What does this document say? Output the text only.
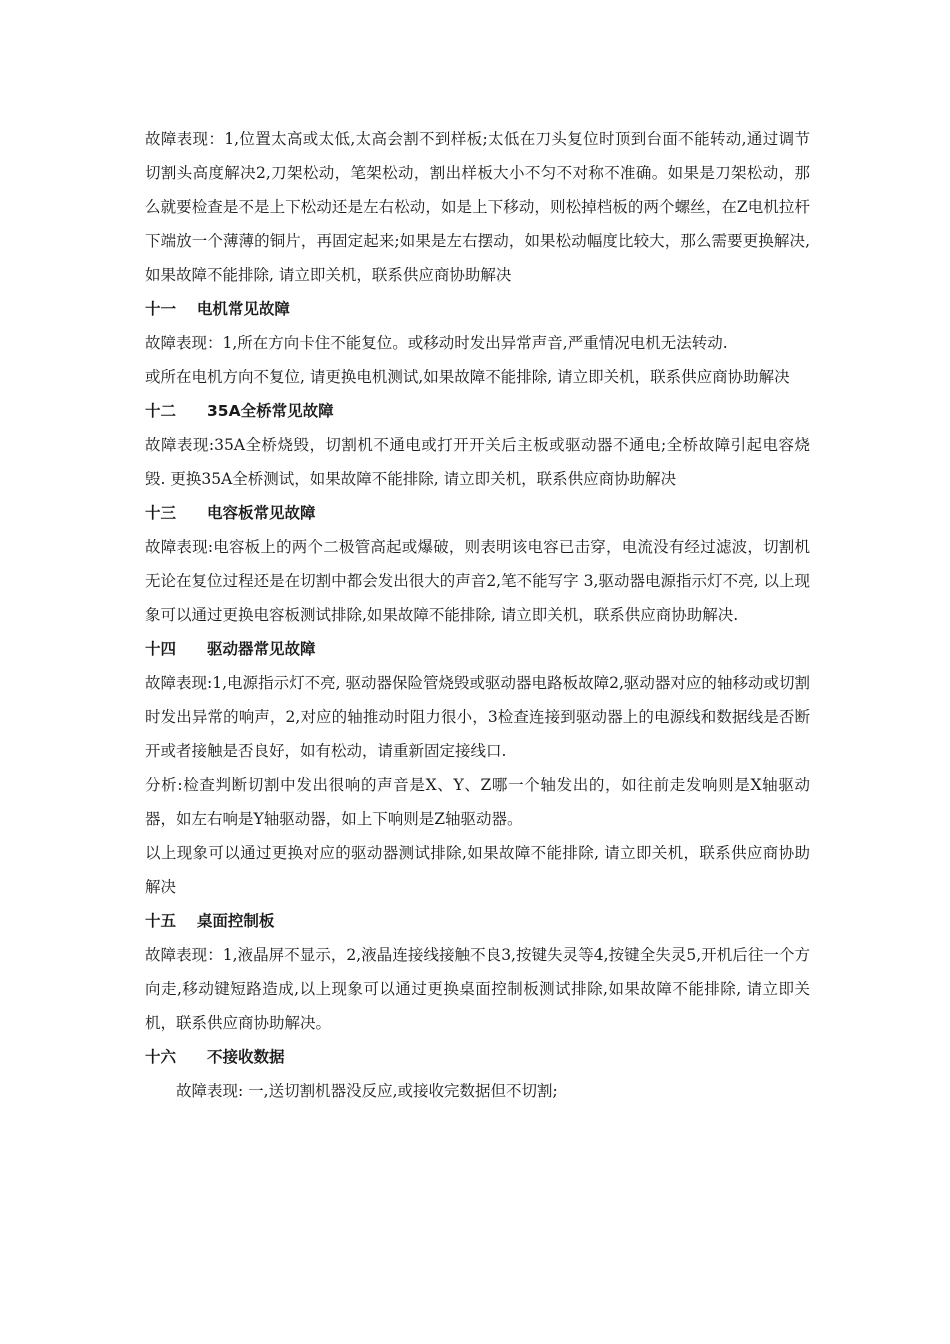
故障表现：1,位置太高或太低,太高会割不到样板;太低在刀头复位时顶到台面不能转动,通过调节切割头高度解决2,刀架松动，笔架松动，割出样板大小不匀不对称不准确。如果是刀架松动，那么就要检查是不是上下松动还是左右松动，如是上下移动，则松掉档板的两个螺丝，在Z电机拉杆下端放一个薄薄的铜片，再固定起来;如果是左右摆动，如果松动幅度比较大，那么需要更换解决,如果故障不能排除, 请立即关机，联系供应商协助解决

十一　 电机常见故障

故障表现：1,所在方向卡住不能复位。或移动时发出异常声音,严重情况电机无法转动.

或所在电机方向不复位, 请更换电机测试,如果故障不能排除, 请立即关机，联系供应商协助解决

十二　　35A全桥常见故障

故障表现:35A全桥烧毁，切割机不通电或打开开关后主板或驱动器不通电;全桥故障引起电容烧毁. 更换35A全桥测试，如果故障不能排除, 请立即关机，联系供应商协助解决

十三　　电容板常见故障

故障表现:电容板上的两个二极管高起或爆破，则表明该电容已击穿，电流没有经过滤波，切割机无论在复位过程还是在切割中都会发出很大的声音2,笔不能写字 3,驱动器电源指示灯不亮, 以上现象可以通过更换电容板测试排除,如果故障不能排除, 请立即关机，联系供应商协助解决.

十四　　驱动器常见故障

故障表现:1,电源指示灯不亮, 驱动器保险管烧毁或驱动器电路板故障2,驱动器对应的轴移动或切割时发出异常的响声，2,对应的轴推动时阻力很小，3检查连接到驱动器上的电源线和数据线是否断开或者接触是否良好，如有松动，请重新固定接线口.

分析:检查判断切割中发出很响的声音是X、Y、Z哪一个轴发出的，如往前走发响则是X轴驱动器，如左右响是Y轴驱动器，如上下响则是Z轴驱动器。

以上现象可以通过更换对应的驱动器测试排除,如果故障不能排除, 请立即关机，联系供应商协助解决

十五　 桌面控制板

故障表现：1,液晶屏不显示，2,液晶连接线接触不良3,按键失灵等4,按键全失灵5,开机后往一个方向走,移动键短路造成,以上现象可以通过更换桌面控制板测试排除,如果故障不能排除, 请立即关机，联系供应商协助解决。

十六　　不接收数据

故障表现: 一,送切割机器没反应,或接收完数据但不切割;
